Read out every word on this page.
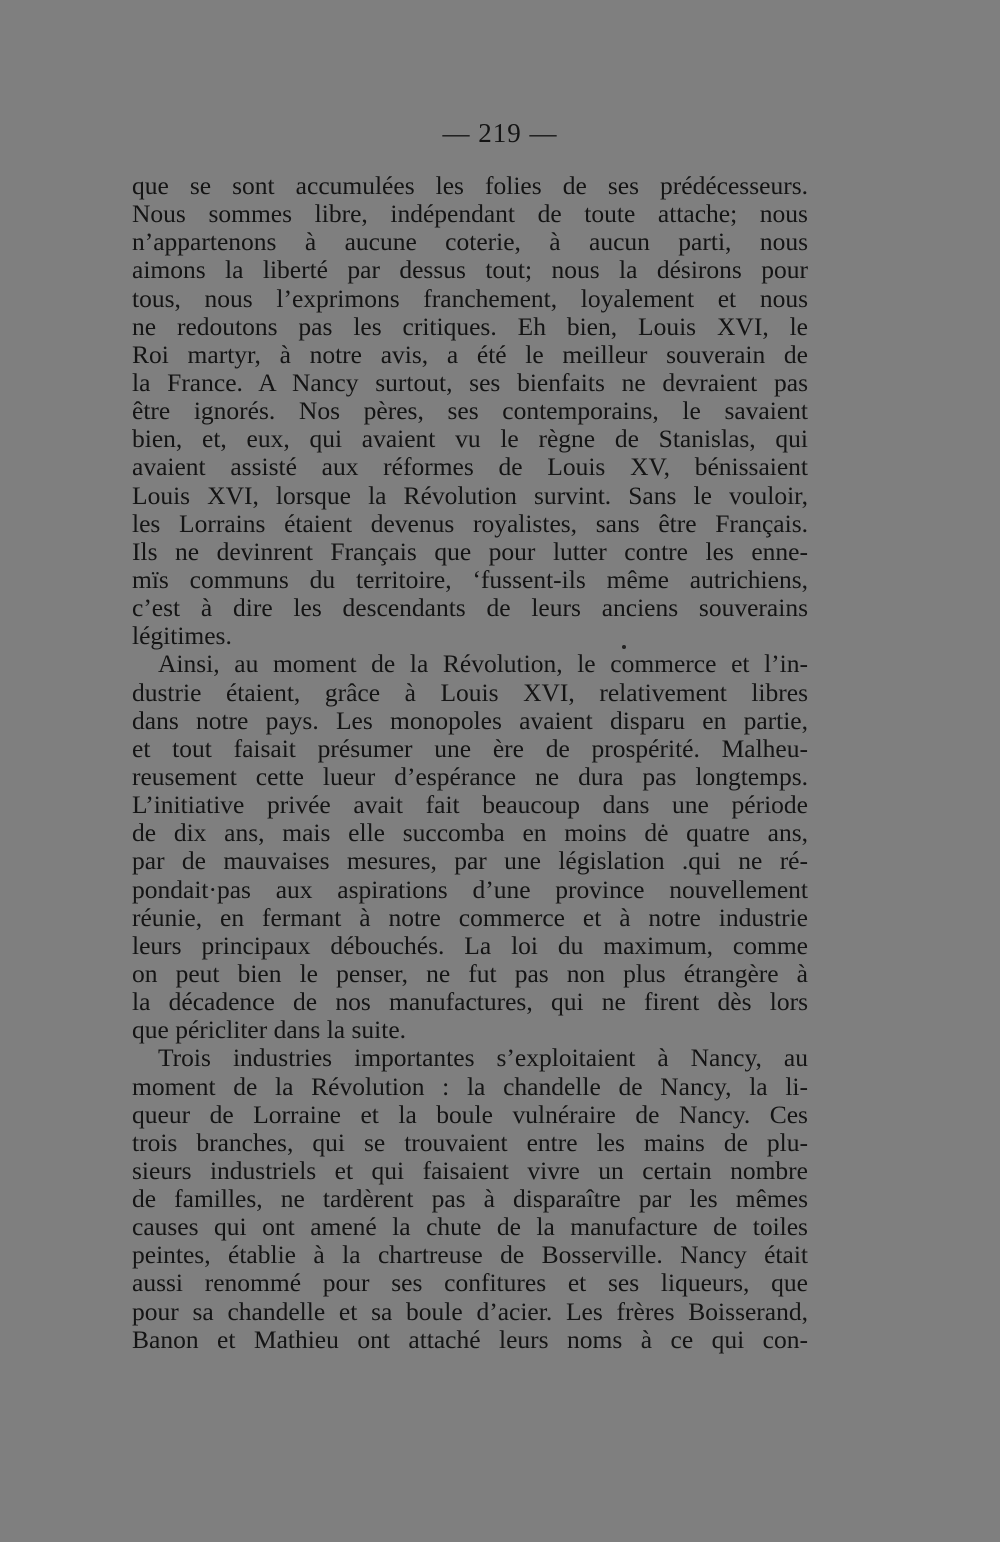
— 219 —
que se sont accumulées les folies de ses prédécesseurs.
Nous sommes libre, indépendant de toute attache; nous
n’appartenons à aucune coterie, à aucun parti, nous
aimons la liberté par dessus tout; nous la désirons pour
tous, nous l’exprimons franchement, loyalement et nous
ne redoutons pas les critiques. Eh bien, Louis XVI, le
Roi martyr, à notre avis, a été le meilleur souverain de
la France. A Nancy surtout, ses bienfaits ne devraient pas
être ignorés. Nos pères, ses contemporains, le savaient
bien, et, eux, qui avaient vu le règne de Stanislas, qui
avaient assisté aux réformes de Louis XV, bénissaient
Louis XVI, lorsque la Révolution survint. Sans le vouloir,
les Lorrains étaient devenus royalistes, sans être Français.
Ils ne devinrent Français que pour lutter contre les enne-
mïs communs du territoire, ‘fussent-ils même autrichiens,
c’est à dire les descendants de leurs anciens souverains
légitimes.
Ainsi, au moment de la Révolution, le commerce et l’in-
dustrie étaient, grâce à Louis XVI, relativement libres
dans notre pays. Les monopoles avaient disparu en partie,
et tout faisait présumer une ère de prospérité. Malheu-
reusement cette lueur d’espérance ne dura pas longtemps.
L’initiative privée avait fait beaucoup dans une période
de dix ans, mais elle succomba en moins dė quatre ans,
par de mauvaises mesures, par une législation .qui ne ré-
pondait·pas aux aspirations d’une province nouvellement
réunie, en fermant à notre commerce et à notre industrie
leurs principaux débouchés. La loi du maximum, comme
on peut bien le penser, ne fut pas non plus étrangère à
la décadence de nos manufactures, qui ne firent dès lors
que péricliter dans la suite.
Trois industries importantes s’exploitaient à Nancy, au
moment de la Révolution : la chandelle de Nancy, la li-
queur de Lorraine et la boule vulnéraire de Nancy. Ces
trois branches, qui se trouvaient entre les mains de plu-
sieurs industriels et qui faisaient vivre un certain nombre
de familles, ne tardèrent pas à disparaître par les mêmes
causes qui ont amené la chute de la manufacture de toiles
peintes, établie à la chartreuse de Bosserville. Nancy était
aussi renommé pour ses confitures et ses liqueurs, que
pour sa chandelle et sa boule d’acier. Les frères Boisserand,
Banon et Mathieu ont attaché leurs noms à ce qui con-
